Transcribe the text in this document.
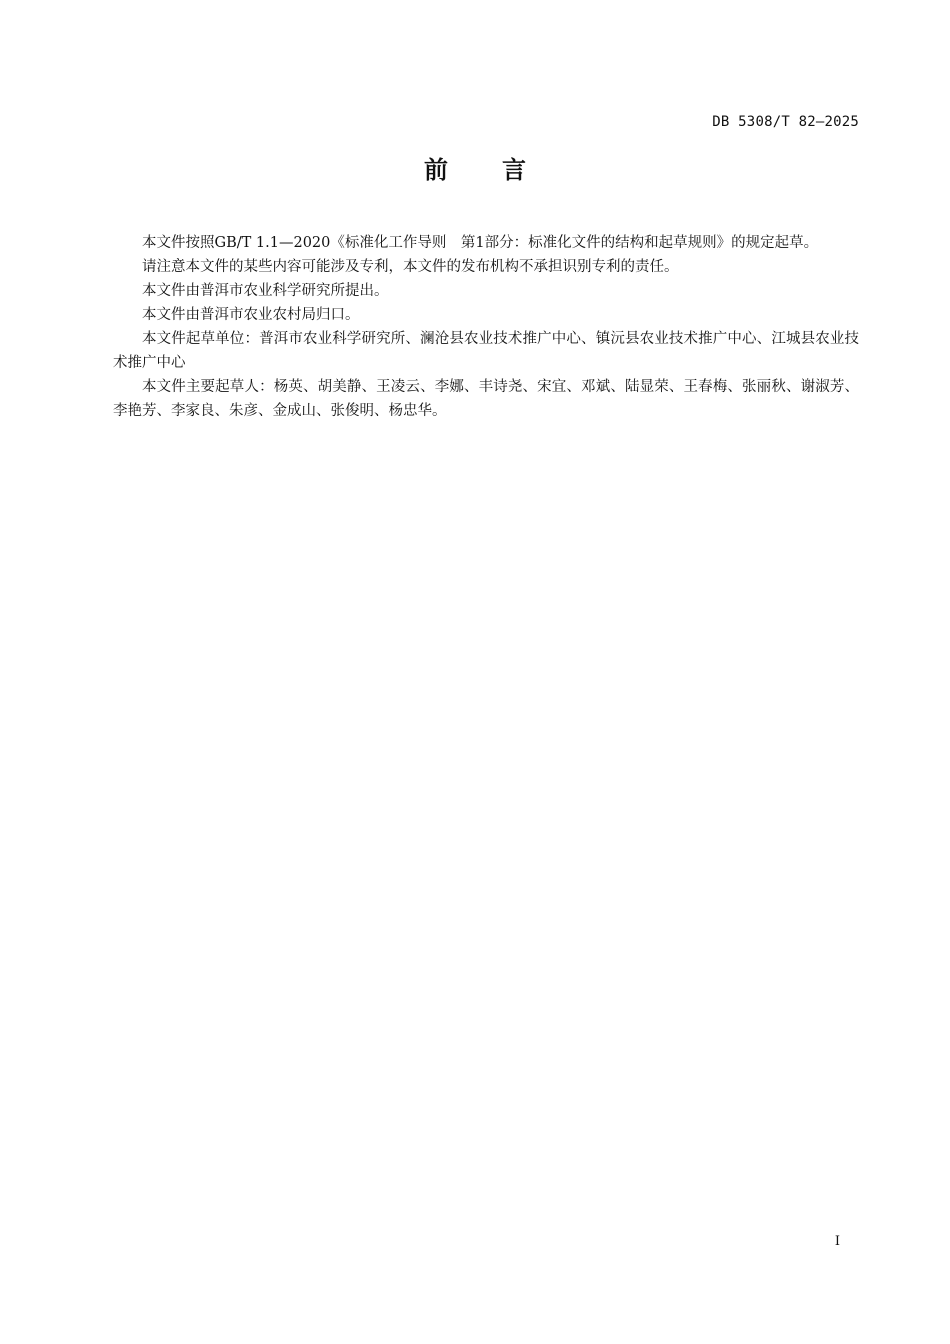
DB 5308/T 82—2025
前 言

本文件按照GB/T 1.1—2020《标准化工作导则　第1部分：标准化文件的结构和起草规则》的规定起草。

请注意本文件的某些内容可能涉及专利，本文件的发布机构不承担识别专利的责任。

本文件由普洱市农业科学研究所提出。

本文件由普洱市农业农村局归口。

本文件起草单位：普洱市农业科学研究所、澜沧县农业技术推广中心、镇沅县农业技术推广中心、江城县农业技术推广中心

本文件主要起草人：杨英、胡美静、王凌云、李娜、丰诗尧、宋宜、邓斌、陆显荣、王春梅、张丽秋、谢淑芳、李艳芳、李家良、朱彦、金成山、张俊明、杨忠华。

I
